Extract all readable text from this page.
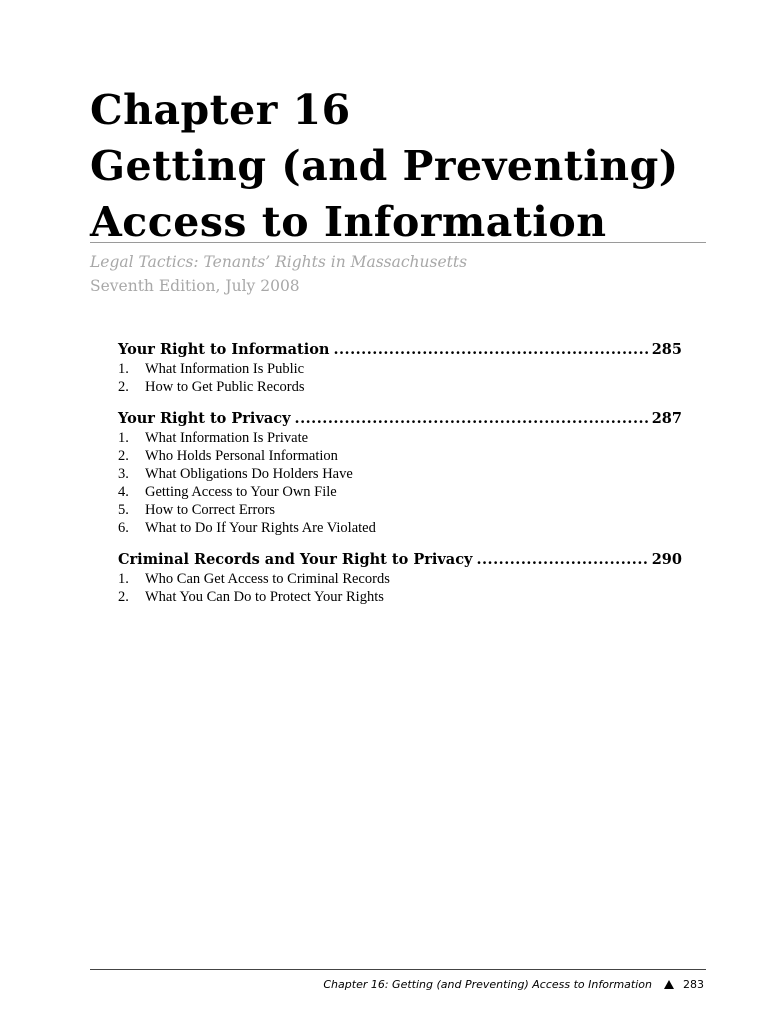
Chapter 16
Getting (and Preventing)
Access to Information
Legal Tactics: Tenants’ Rights in Massachusetts
Seventh Edition, July 2008
Your Right to Information .....	285
1.	What Information Is Public
2.	How to Get Public Records
Your Right to Privacy .....	287
1.	What Information Is Private
2.	Who Holds Personal Information
3.	What Obligations Do Holders Have
4.	Getting Access to Your Own File
5.	How to Correct Errors
6.	What to Do If Your Rights Are Violated
Criminal Records and Your Right to Privacy .....	290
1.	Who Can Get Access to Criminal Records
2.	What You Can Do to Protect Your Rights
Chapter 16: Getting (and Preventing) Access to Information	283
